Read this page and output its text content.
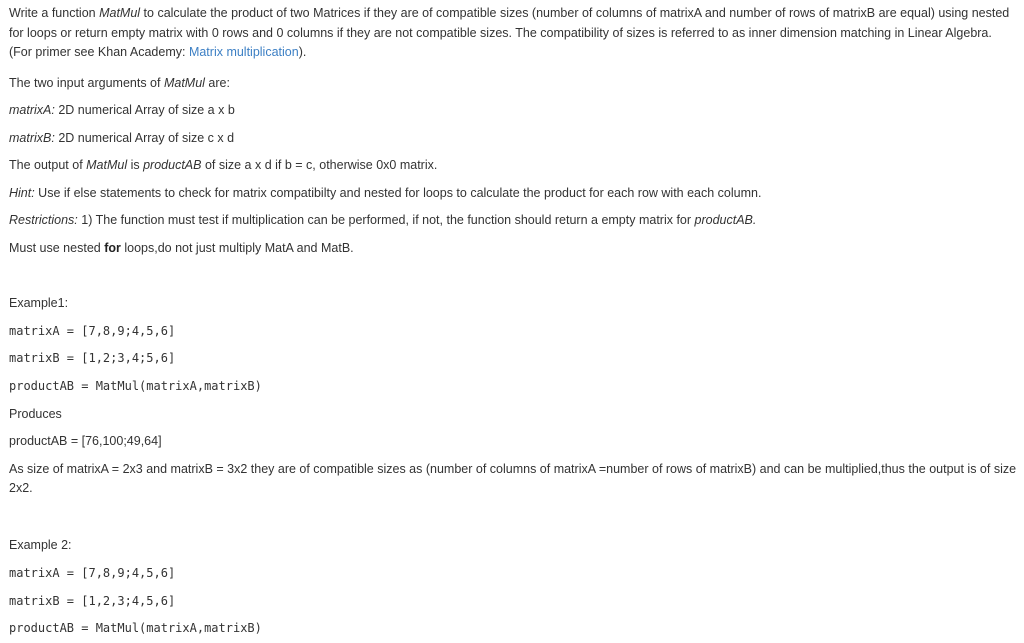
Write a function MatMul to calculate the product of two Matrices if they are of compatible sizes (number of columns of matrixA and number of rows of matrixB are equal) using nested for loops or return empty matrix with 0 rows and 0 columns if they are not compatible sizes. The compatibility of sizes is referred to as inner dimension matching in Linear Algebra. (For primer see Khan Academy: Matrix multiplication).
The two input arguments of MatMul are:
matrixA: 2D numerical Array of size a x b
matrixB: 2D numerical Array of size c x d
The output of MatMul is productAB of size a x d if b = c, otherwise 0x0 matrix.
Hint: Use if else statements to check for matrix compatibilty and nested for loops to calculate the product for each row with each column.
Restrictions: 1) The function must test if multiplication can be performed, if not, the function should return a empty matrix for productAB.
Must use nested for loops,do not just multiply MatA and MatB.
Example1:
matrixA = [7,8,9;4,5,6]
matrixB = [1,2;3,4;5,6]
productAB = MatMul(matrixA,matrixB)
Produces
productAB = [76,100;49,64]
As size of matrixA = 2x3 and matrixB = 3x2 they are of compatible sizes as (number of columns of matrixA =number of rows of matrixB) and can be multiplied,thus the output is of size 2x2.
Example 2:
matrixA = [7,8,9;4,5,6]
matrixB = [1,2,3;4,5,6]
productAB = MatMul(matrixA,matrixB)
